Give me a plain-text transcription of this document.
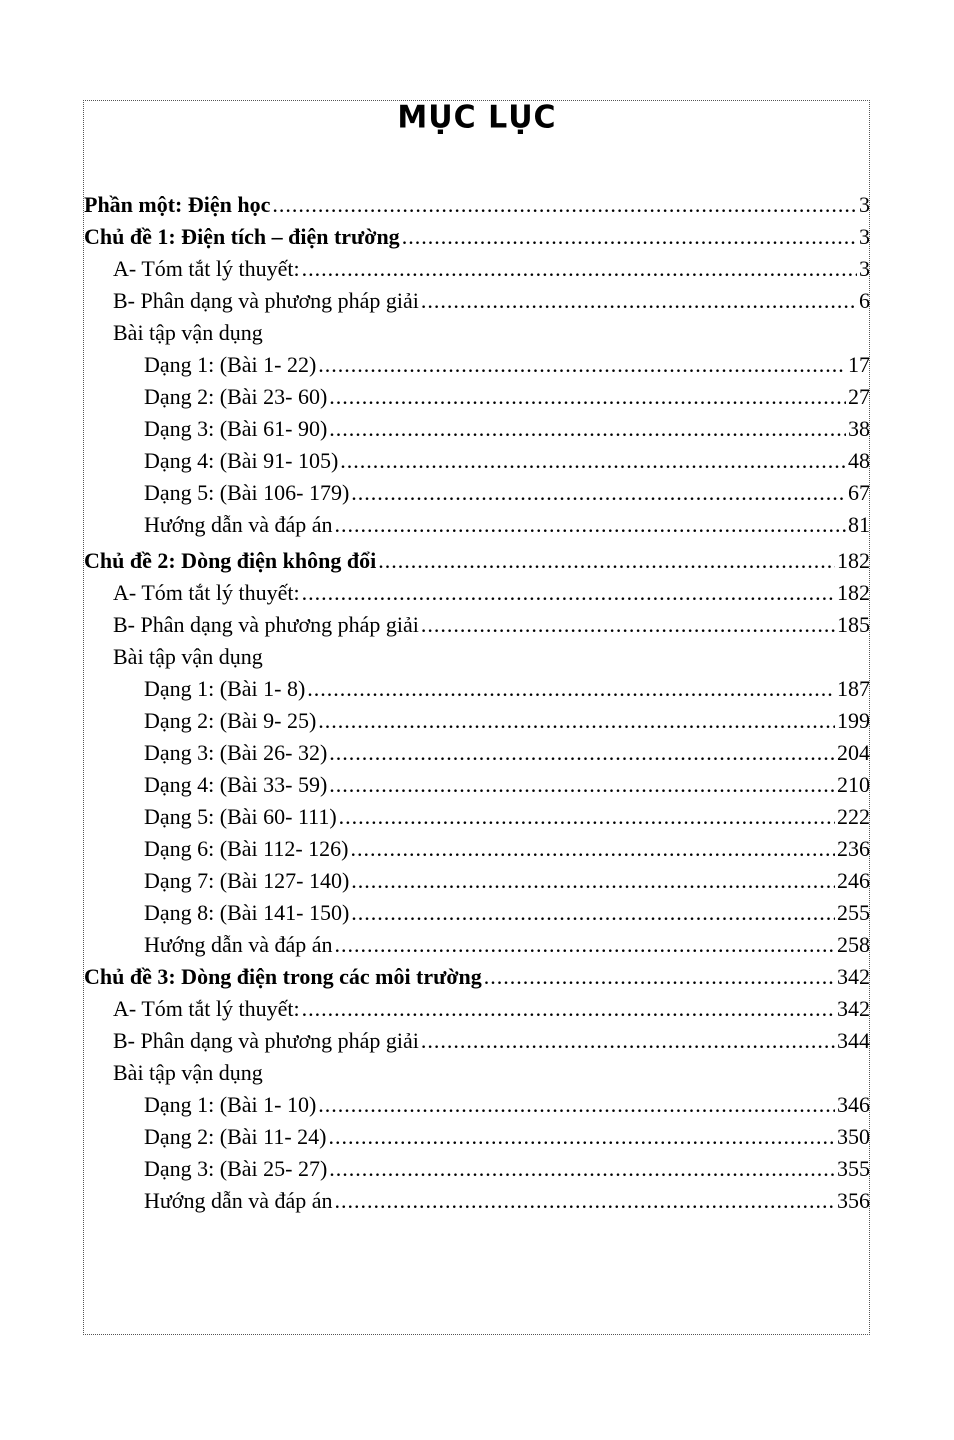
MỤC LỤC
Phần một: Điện học .....	3
Chủ đề 1: Điện tích – điện trường .....	3
A- Tóm tắt lý thuyết: .....	3
B- Phân dạng và phương pháp giải .....	6
Bài tập vận dụng
Dạng 1: (Bài 1- 22) .....	17
Dạng 2: (Bài 23- 60) .....	27
Dạng 3: (Bài 61- 90) .....	38
Dạng 4: (Bài 91- 105) .....	48
Dạng 5: (Bài 106- 179) .....	67
Hướng dẫn và đáp án .....	81
Chủ đề 2: Dòng điện không đổi .....	182
A- Tóm tắt lý thuyết: .....	182
B- Phân dạng và phương pháp giải .....	185
Bài tập vận dụng
Dạng 1: (Bài 1- 8) .....	187
Dạng 2: (Bài 9- 25) .....	199
Dạng 3: (Bài 26- 32) .....	204
Dạng 4: (Bài 33- 59) .....	210
Dạng 5: (Bài 60- 111) .....	222
Dạng 6: (Bài 112- 126) .....	236
Dạng 7: (Bài 127- 140) .....	246
Dạng 8: (Bài 141- 150) .....	255
Hướng dẫn và đáp án .....	258
Chủ đề 3: Dòng điện trong các môi trường .....	342
A- Tóm tắt lý thuyết: .....	342
B- Phân dạng và phương pháp giải .....	344
Bài tập vận dụng
Dạng 1: (Bài 1- 10) .....	346
Dạng 2: (Bài 11- 24) .....	350
Dạng 3: (Bài 25- 27) .....	355
Hướng dẫn và đáp án .....	356
